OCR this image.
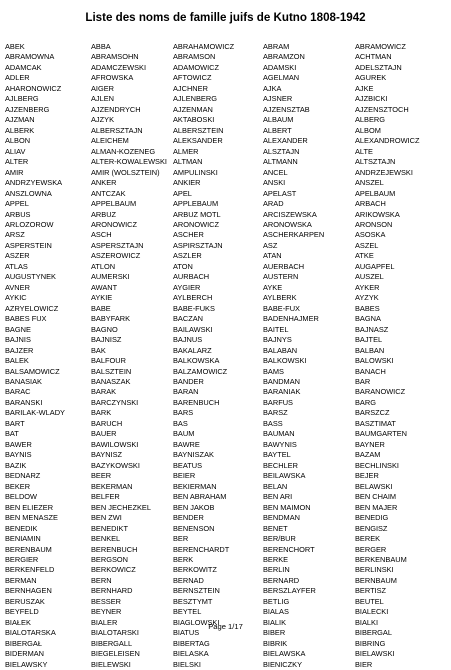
Liste des noms de famille juifs de Kutno 1808-1942
ABEK
ABRAMOWNA
ADAMCAK
ADLER
AHARONOWICZ
AJLBERG
AJZENBERG
AJZMAN
ALBERK
ALBON
ALIAV
ALTER
AMIR
ANDRZYEWSKA
ANSZLOWNA
APPEL
ARBUS
ARLOZOROW
ARSZ
ASPERSTEIN
ASZER
ATLAS
AUGUSTYNEK
AVNER
AYKIC
AZRYELOWICZ
BABES FUX
BAGNE
BAJNIS
BAJZER
BALEK
BALSAMOWICZ
BANASIAK
BARAC
BARANSKI
BARILAK-WLADY
BART
BAT
BAWER
BAYNIS
BAZIK
BEDNARZ
BEKER
BELDOW
BEN ELIEZER
BEN MENASZE
BENEDIK
BENIAMIN
BERENBAUM
BERGIER
BERKENFELD
BERMAN
BERNHAGEN
BERUSZAK
BEYFELD
BIAŁEK
BIALOTARSKA
BIBERGAŁ
BIDERMAN
BIELAWSKY
ABBA
ABRAMSOHN
ADAMCZEWSKI
AFROWSKA
AIGER
AJLEN
AJZENDRYCH
AJZYK
ALBERSZTAJN
ALEICHEM
ALMAN-KOZENEG
ALTER-KOWALEWSKI
AMIR (WOLSZTEIN)
ANKER
ANTCZAK
APPELBAUM
ARBUZ
ARONOWICZ
ASCH
ASPERSZTAJN
ASZEROWICZ
ATLON
AUMERSKI
AWANT
AYKIE
BABE
BABYFARK
BAGNO
BAJNISZ
BAK
BALFOUR
BALSZTEIN
BANASZAK
BARAK
BARCZYNSKI
BARK
BARUCH
BAUER
BAWILOWSKI
BAYNISZ
BAZYKOWSKI
BEER
BEKERMAN
BELFER
BEN JECHEZKEL
BEN ZWI
BENEDIKT
BENKEL
BERENBUCH
BERGSON
BERKOWICZ
BERN
BERNHARD
BESSER
BEYNER
BIALER
BIALOTARSKI
BIBERGALL
BIEGELEISEN
BIELEWSKI
ABRAHAMOWICZ
ABRAMSON
ADAMOWICZ
AFTOWICZ
AJCHNER
AJLENBERG
AJZENMAN
AKTABOSKI
ALBERSZTEIN
ALEKSANDER
ALMER
ALTMAN
AMPULINSKI
ANKIER
APEL
APPLEBAUM
ARBUZ MOTL
ARONOWICZ
ASCHER
ASPIRSZTAJN
ASZLER
ATON
AURBACH
AYGIER
AYLBERCH
BABE-FUKS
BACZAN
BAILAWSKI
BAJNUS
BAKALARZ
BALKOWSKA
BALZAMOWICZ
BANDER
BARAN
BARENBUCH
BARS
BAS
BAUM
BAWRE
BAYNISZAK
BEATUS
BEIER
BEKIERMAN
BEN ABRAHAM
BEN JAKOB
BENDER
BENENSON
BER
BERENCHARDT
BERK
BERKOWITZ
BERNAD
BERNSZTEIN
BESZTYMT
BEYTEL
BIAGLOWSKI
BIATUS
BIBERTAG
BIELASKA
BIELSKI
ABRAM
ABRAMZON
ADAMSKI
AGELMAN
AJKA
AJSNER
AJZENSZTAB
ALBAUM
ALBERT
ALEXANDER
ALSZTAJN
ALTMANN
ANCEL
ANSKI
APELAST
ARAD
ARCISZEWSKA
ARONOWSKA
ASCHERKARPEN
ASZ
ATAN
AUERBACH
AUSTERN
AYKE
AYLBERK
BABE-FUX
BADENHAJMER
BAITEL
BAJNYS
BALABAN
BALKOWSKI
BAMS
BANDMAN
BARANIAK
BARFUS
BARSZ
BASS
BAUMAN
BAWYNIS
BAYTEL
BECHLER
BEILAWSKA
BELAN
BEN ARI
BEN MAIMON
BENDMAN
BENET
BER/BUR
BERENCHORT
BERKE
BERLIN
BERNARD
BERSZLAYFER
BETLIG
BIALAS
BIALIK
BIBER
BIBRIK
BIELAWSKA
BIENICZKY
ABRAMOWICZ
ACHTMAN
ADELSZTAJN
AGUREK
AJKE
AJZBICKI
AJZENSZTOCH
ALBERG
ALBOM
ALEXANDROWICZ
ALTE
ALTSZTAJN
ANDRZEJEWSKI
ANSZEL
APELBAUM
ARBACH
ARIKOWSKA
ARONSON
ASOSKA
ASZEL
ATKE
AUGAPFEL
AUSZEL
AYKER
AYZYK
BABES
BAGNA
BAJNASZ
BAJTEL
BALBAN
BALOWSKI
BANACH
BAR
BARANOWICZ
BARG
BARSZCZ
BASZTIMAT
BAUMGARTEN
BAYNER
BAZAM
BECHLINSKI
BEJER
BELAWSKI
BEN CHAIM
BEN MAJER
BENEDIG
BENGISZ
BEREK
BERGER
BERKENBAUM
BERLINSKI
BERNBAUM
BERTISZ
BEUTEL
BIALECKI
BIALKI
BIBERGAL
BIBRING
BIELAWSKI
BIER
Page 1/17
